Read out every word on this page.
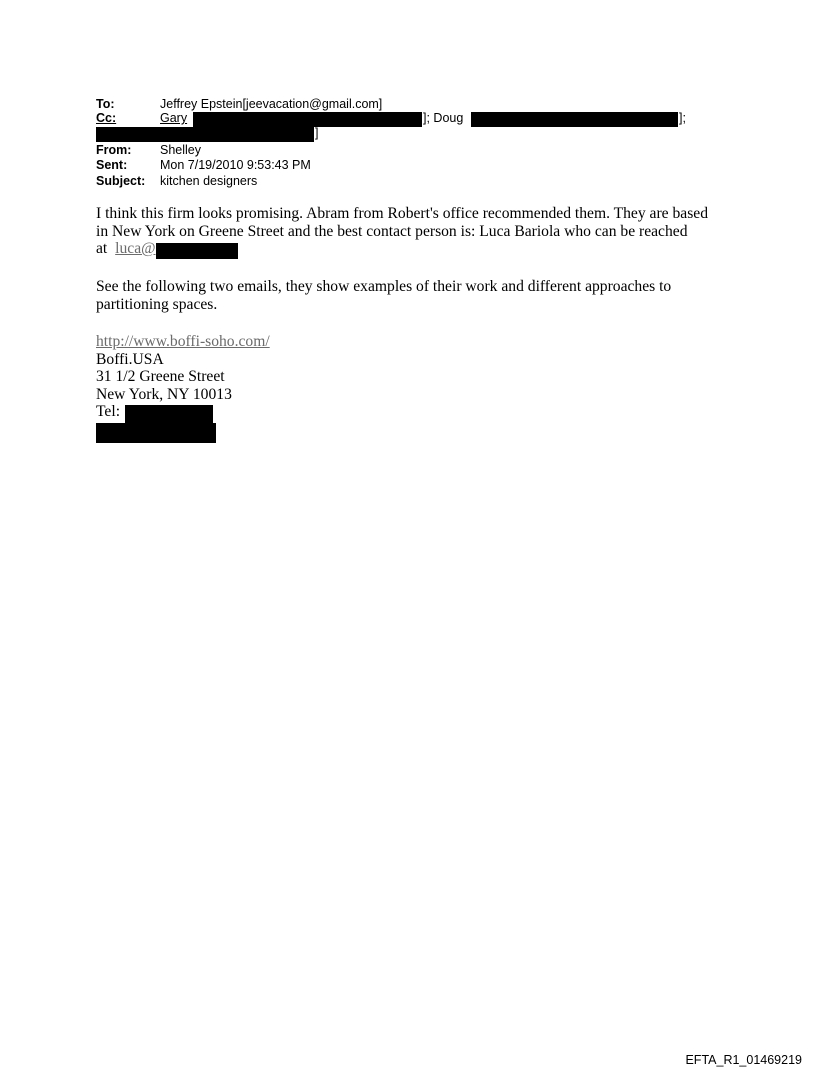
To:	Jeffrey Epstein[jeevacation@gmail.com]
Cc:	Gary	]; Doug	];
]
From: Shelley
Sent:	Mon 7/19/2010 9:53:43 PM
Subject: kitchen designers
I think this firm looks promising. Abram from Robert's office recommended them. They are based
in New York on Greene Street and the best contact person is: Luca Bariola who can be reached
at luca@
See the following two emails, they show examples of their work and different approaches to
partitioning spaces.
http://www.boffi-soho.com/
Boffi.USA
31 1/2 Greene Street
New York, NY 10013
Tel:
EFTA_R1_01469219
